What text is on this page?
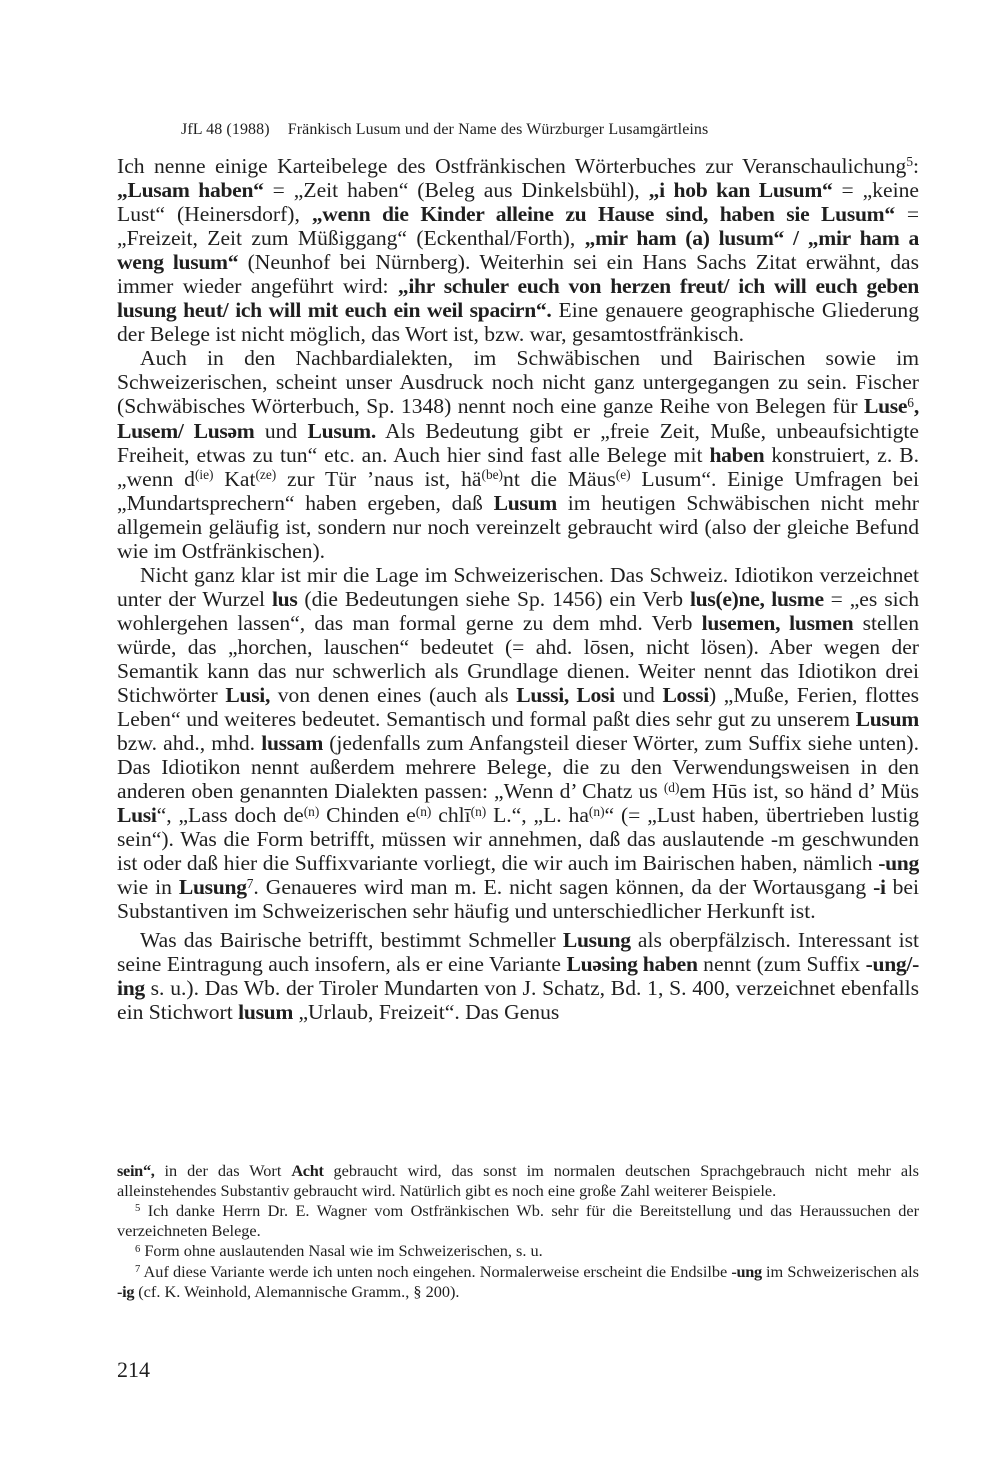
JfL 48 (1988) Fränkisch Lusum und der Name des Würzburger Lusamgärtleins

Ich nenne einige Karteibelege des Ostfränkischen Wörterbuches zur Veranschaulichung$^5$: „Lusam haben“ = „Zeit haben“ (Beleg aus Dinkelsbühl), „i hob kan Lusum“ = „keine Lust“ (Heinersdorf), „wenn die Kinder alleine zu Hause sind, haben sie Lusum“ = „Freizeit, Zeit zum Müßiggang“ (Eckenthal/Forth), „mir ham (a) lusum“ / „mir ham a weng lusum“ (Neunhof bei Nürnberg). Weiterhin sei ein Hans Sachs Zitat erwähnt, das immer wieder angeführt wird: „ihr schuler euch von herzen freut/ ich will euch geben lusung heut/ ich will mit euch ein weil spacirn“. Eine genauere geographische Gliederung der Belege ist nicht möglich, das Wort ist, bzw. war, gesamtostfränkisch.

Auch in den Nachbardialekten, im Schwäbischen und Bairischen sowie im Schweizerischen, scheint unser Ausdruck noch nicht ganz untergegangen zu sein. Fischer (Schwäbisches Wörterbuch, Sp. 1348) nennt noch eine ganze Reihe von Belegen für Luse$^6$, Lusem/ Lusəm und Lusum. Als Bedeutung gibt er „freie Zeit, Muße, unbeaufsichtigte Freiheit, etwas zu tun“ etc. an. Auch hier sind fast alle Belege mit haben konstruiert, z. B. „wenn $d^{(ie)}$ Kat$^{(ze)}$ zur Tür ’naus ist, $hä^{(be)}nt$ die Mäus$^{(e)}$ Lusum“. Einige Umfragen bei „Mundartsprechern“ haben ergeben, daß Lusum im heutigen Schwäbischen nicht mehr allgemein geläufig ist, sondern nur noch vereinzelt gebraucht wird (also der gleiche Befund wie im Ostfränkischen).

Nicht ganz klar ist mir die Lage im Schweizerischen. Das Schweiz. Idiotikon verzeichnet unter der Wurzel lus (die Bedeutungen siehe Sp. 1456) ein Verb lus(e)ne, lusme = „es sich wohlergehen lassen“, das man formal gerne zu dem mhd. Verb lusemen, lusmen stellen würde, das „horchen, lauschen“ bedeutet (= ahd. lōsen, nicht lösen). Aber wegen der Semantik kann das nur schwerlich als Grundlage dienen. Weiter nennt das Idiotikon drei Stichwörter Lusi, von denen eines (auch als Lussi, Losi und Lossi) „Muße, Ferien, flottes Leben“ und weiteres bedeutet. Semantisch und formal paßt dies sehr gut zu unserem Lusum bzw. ahd., mhd. lussam (jedenfalls zum Anfangsteil dieser Wörter, zum Suffix siehe unten). Das Idiotikon nennt außerdem mehrere Belege, die zu den Verwendungsweisen in den anderen oben genannten Dialekten passen: „Wenn d’ Chatz us $^{(d)}$em Hūs ist, so händ d’ Müs Lusi“, „Lass doch $de^{(n)}$ Chinden $e^{(n)}$ chlī$^{(n)}$ L.“, „L. $ha^{(n)}“$ (= „Lust haben, übertrieben lustig sein“). Was die Form betrifft, müssen wir annehmen, daß das auslautende -m geschwunden ist oder daß hier die Suffixvariante vorliegt, die wir auch im Bairischen haben, nämlich -ung wie in Lusung$^7$. Genaueres wird man m. E. nicht sagen können, da der Wortausgang -i bei Substantiven im Schweizerischen sehr häufig und unterschiedlicher Herkunft ist.

Was das Bairische betrifft, bestimmt Schmeller Lusung als oberpfälzisch. Interessant ist seine Eintragung auch insofern, als er eine Variante Luəsing haben nennt (zum Suffix -ung/-ing s. u.). Das Wb. der Tiroler Mundarten von J. Schatz, Bd. 1, S. 400, verzeichnet ebenfalls ein Stichwort lusum „Urlaub, Freizeit“. Das Genus

sein“, in der das Wort Acht gebraucht wird, das sonst im normalen deutschen Sprachgebrauch nicht mehr als alleinstehendes Substantiv gebraucht wird. Natürlich gibt es noch eine große Zahl weiterer Beispiele.

$^5$ Ich danke Herrn Dr. E. Wagner vom Ostfränkischen Wb. sehr für die Bereitstellung und das Heraussuchen der verzeichneten Belege.

$^6$ Form ohne auslautenden Nasal wie im Schweizerischen, s. u.

$^7$ Auf diese Variante werde ich unten noch eingehen. Normalerweise erscheint die Endsilbe -ung im Schweizerischen als -ig (cf. K. Weinhold, Alemannische Gramm., § 200).

214
